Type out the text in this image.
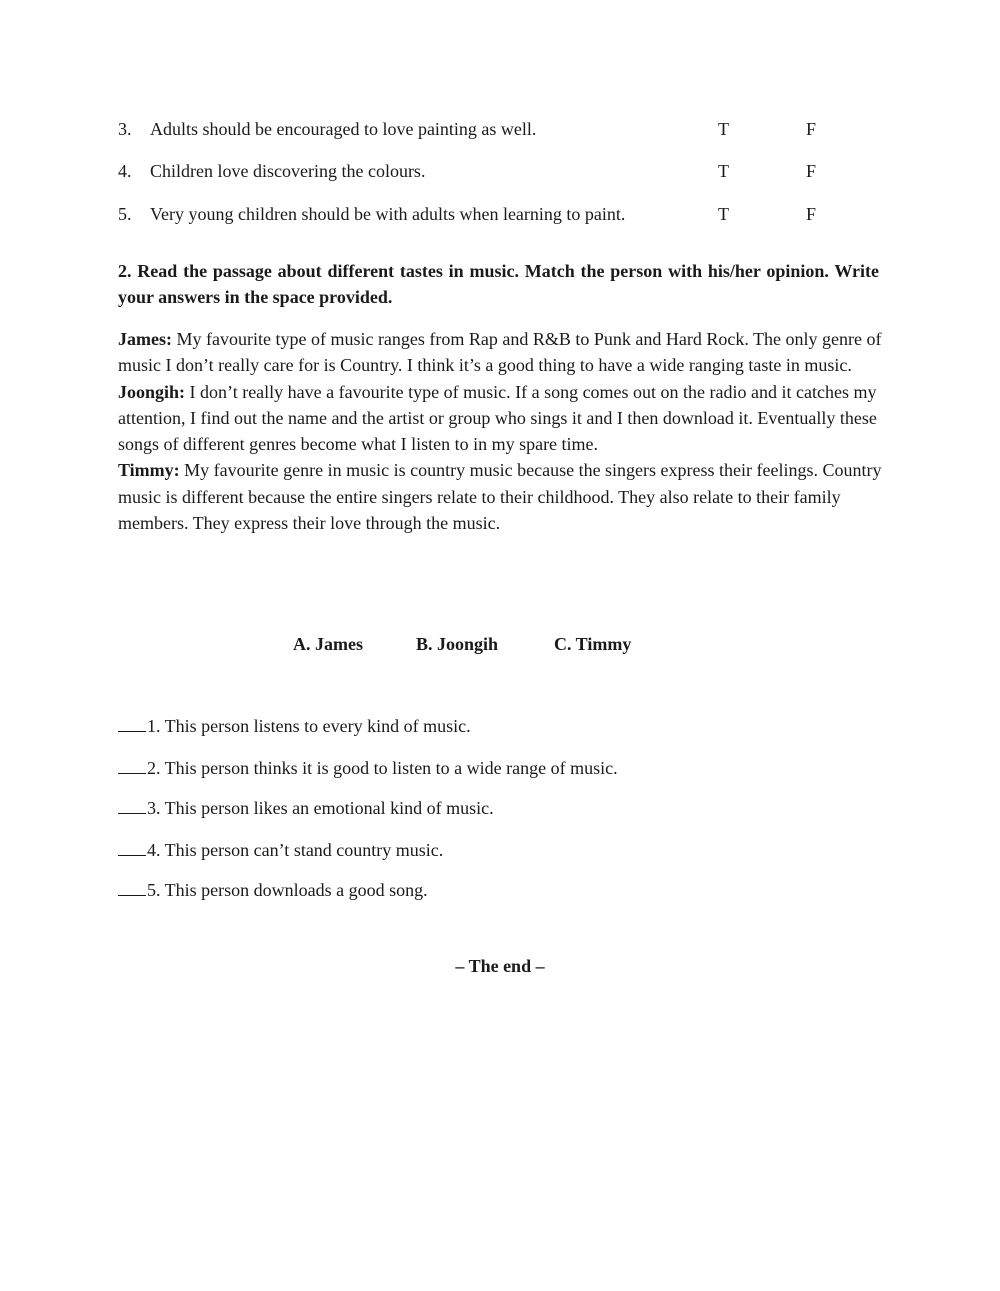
3. Adults should be encouraged to love painting as well.	T	F
4. Children love discovering the colours.	T	F
5. Very young children should be with adults when learning to paint.	T	F
2. Read the passage about different tastes in music. Match the person with his/her opinion. Write your answers in the space provided.

James: My favourite type of music ranges from Rap and R&B to Punk and Hard Rock. The only genre of music I don’t really care for is Country. I think it’s a good thing to have a wide ranging taste in music.

Joongih: I don’t really have a favourite type of music. If a song comes out on the radio and it catches my attention, I find out the name and the artist or group who sings it and I then download it. Eventually these songs of different genres become what I listen to in my spare time.

Timmy: My favourite genre in music is country music because the singers express their feelings. Country music is different because the entire singers relate to their childhood. They also relate to their family members. They express their love through the music.

A. James	B. Joongih	C. Timmy
1. This person listens to every kind of music.
2. This person thinks it is good to listen to a wide range of music.
3. This person likes an emotional kind of music.
4. This person can’t stand country music.
5. This person downloads a good song.
– The end –
